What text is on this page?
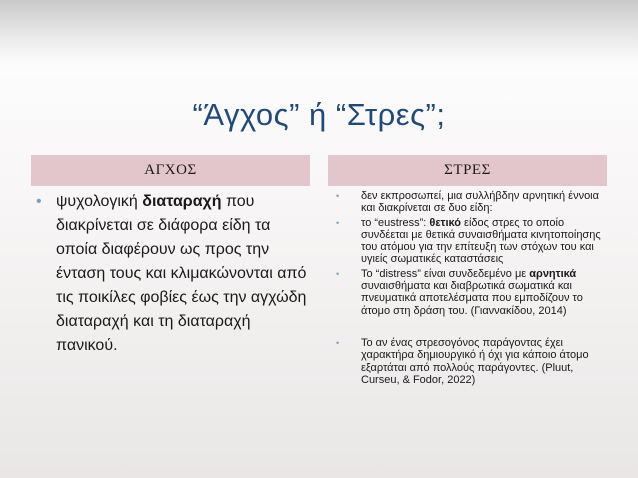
“Άγχος” ή “Στρες”;
ΑΓΧΟΣ	ΣΤΡΕΣ
• ψυχολογική διαταραχή που διακρίνεται σε διάφορα είδη τα οποία διαφέρουν ως προς την ένταση τους και κλιμακώνονται από τις ποικίλες φοβίες έως την αγχώδη διαταραχή και τη διαταραχή πανικού.
•	δεν εκπροσωπεί, μια συλλήβδην αρνητική έννοια και διακρίνεται σε δυο είδη:
•	το “eustress”: θετικό είδος στρες το οποίο συνδέεται με θετικά συναισθήματα κινητοποίησης του ατόμου για την επίτευξη των στόχων του και υγιείς σωματικές καταστάσεις
•	Το “distress” είναι συνδεδεμένο με αρνητικά συναισθήματα και διαβρωτικά σωματικά και πνευματικά αποτελέσματα που εμποδίζουν το άτομο στη δράση του. (Γιαννακίδου, 2014)
•	Το αν ένας στρεσογόνος παράγοντας έχει χαρακτήρα δημιουργικό ή όχι για κάποιο άτομο εξαρτάται από πολλούς παράγοντες. (Pluut, Curseu, & Fodor, 2022)
